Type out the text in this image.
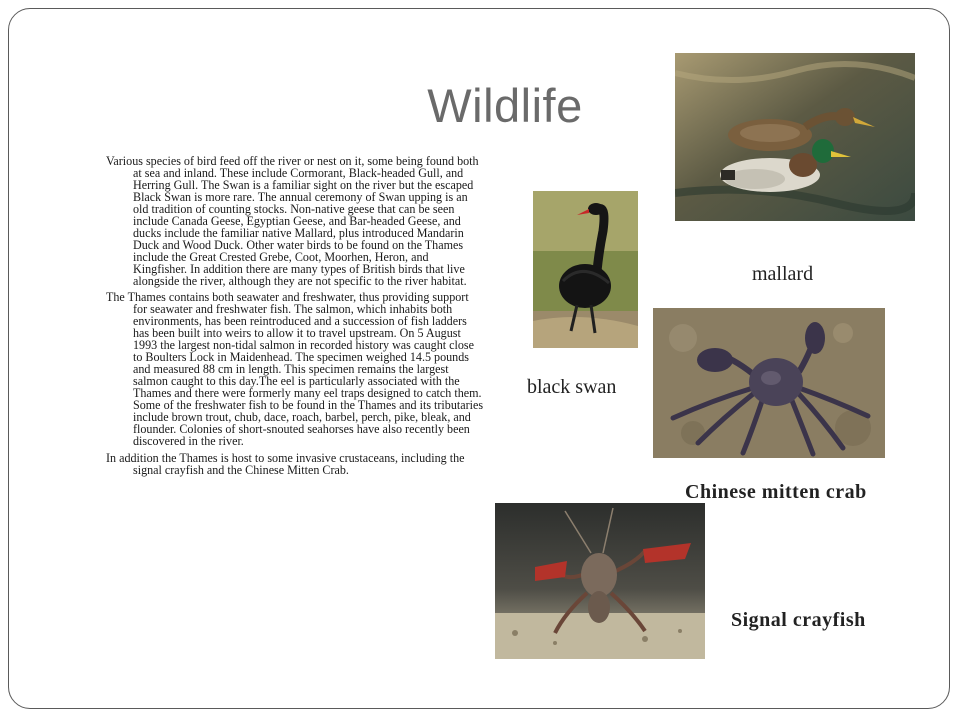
Wildlife

Various species of bird feed off the river or nest on it, some being found both at sea and inland. These include Cormorant, Black-headed Gull, and Herring Gull. The Swan is a familiar sight on the river but the escaped Black Swan is more rare. The annual ceremony of Swan upping is an old tradition of counting stocks. Non-native geese that can be seen include Canada Geese, Egyptian Geese, and Bar-headed Geese, and ducks include the familiar native Mallard, plus introduced Mandarin Duck and Wood Duck. Other water birds to be found on the Thames include the Great Crested Grebe, Coot, Moorhen, Heron, and Kingfisher. In addition there are many types of British birds that live alongside the river, although they are not specific to the river habitat.

The Thames contains both seawater and freshwater, thus providing support for seawater and freshwater fish. The salmon, which inhabits both environments, has been reintroduced and a succession of fish ladders has been built into weirs to allow it to travel upstream. On 5 August 1993 the largest non-tidal salmon in recorded history was caught close to Boulters Lock in Maidenhead. The specimen weighed 14.5 pounds and measured 88 cm in length. This specimen remains the largest salmon caught to this day.The eel is particularly associated with the Thames and there were formerly many eel traps designed to catch them. Some of the freshwater fish to be found in the Thames and its tributaries include brown trout, chub, dace, roach, barbel, perch, pike, bleak, and flounder. Colonies of short-snouted seahorses have also recently been discovered in the river.

In addition the Thames is host to some invasive crustaceans, including the signal crayfish and the Chinese Mitten Crab.

mallard
black swan
Chinese mitten crab
Signal crayfish
